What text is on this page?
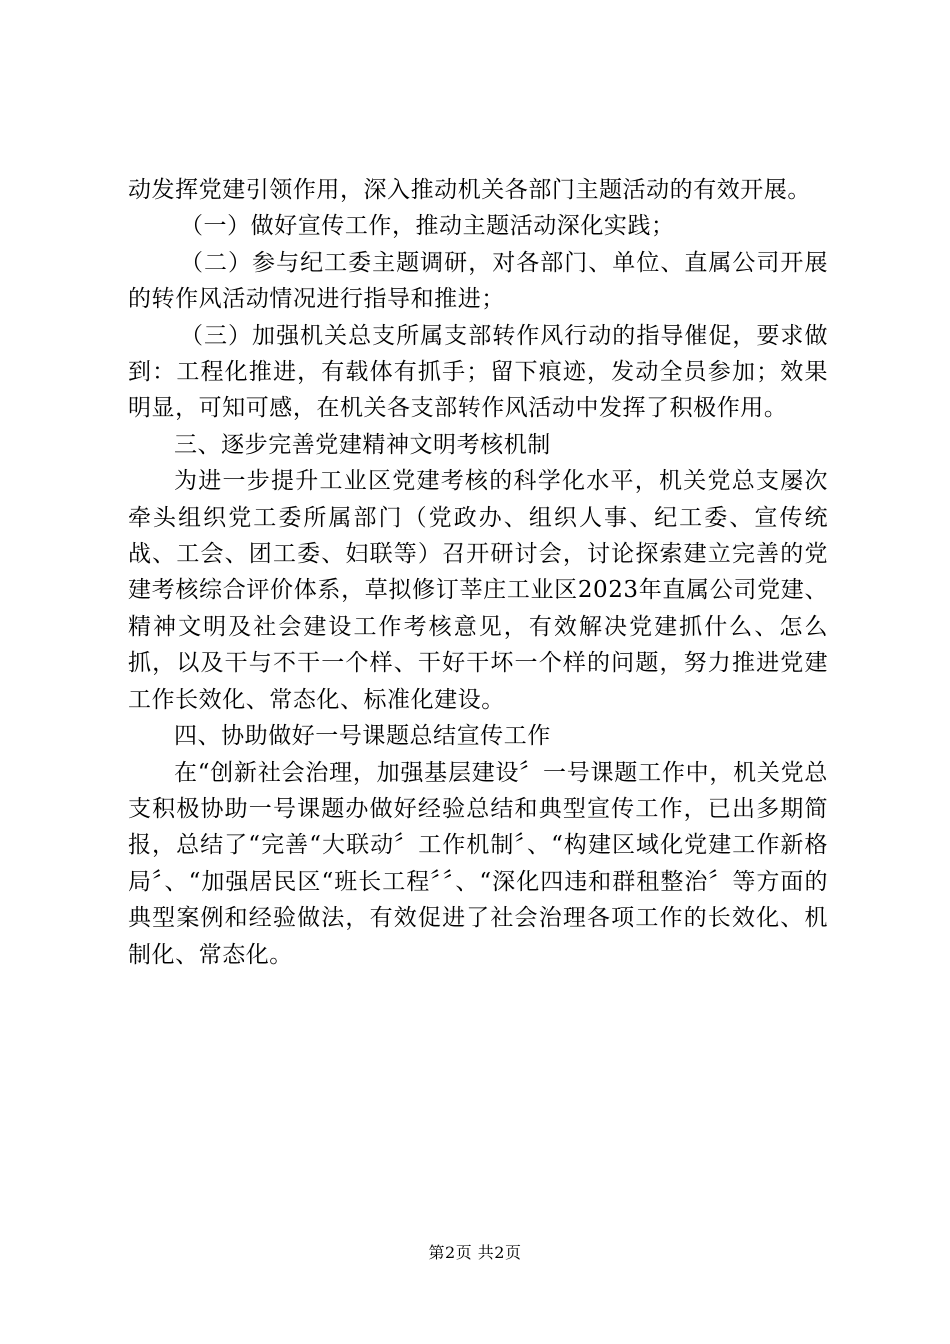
动发挥党建引领作用，深入推动机关各部门主题活动的有效开展。

（一）做好宣传工作，推动主题活动深化实践；

（二）参与纪工委主题调研，对各部门、单位、直属公司开展的转作风活动情况进行指导和推进；

（三）加强机关总支所属支部转作风行动的指导催促，要求做到：工程化推进，有载体有抓手；留下痕迹，发动全员参加；效果明显，可知可感，在机关各支部转作风活动中发挥了积极作用。

三、逐步完善党建精神文明考核机制

为进一步提升工业区党建考核的科学化水平，机关党总支屡次牵头组织党工委所属部门（党政办、组织人事、纪工委、宣传统战、工会、团工委、妇联等）召开研讨会，讨论探索建立完善的党建考核综合评价体系，草拟修订莘庄工业区2023年直属公司党建、精神文明及社会建设工作考核意见，有效解决党建抓什么、怎么抓，以及干与不干一个样、干好干坏一个样的问题，努力推进党建工作长效化、常态化、标准化建设。

四、协助做好一号课题总结宣传工作

在“创新社会治理，加强基层建设〞一号课题工作中，机关党总支积极协助一号课题办做好经验总结和典型宣传工作，已出多期简报，总结了“完善“大联动〞工作机制〞、“构建区域化党建工作新格局〞、“加强居民区“班长工程〞〞、“深化四违和群租整治〞等方面的典型案例和经验做法，有效促进了社会治理各项工作的长效化、机制化、常态化。

第2页 共2页
